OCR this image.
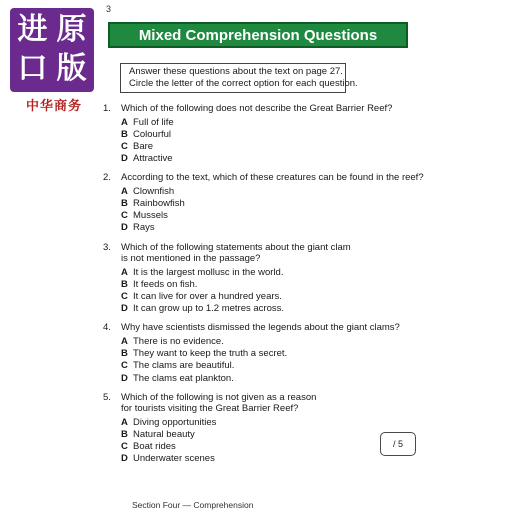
进 原
口 版
中华商务
3
Mixed Comprehension Questions
Answer these questions about the text on page 27.
Circle the letter of the correct option for each question.
1.	Which of the following does not describe the Great Barrier Reef?
A Full of life
B Colourful
C Bare
D Attractive
2.	According to the text, which of these creatures can be found in the reef?
A Clownfish
B Rainbowfish
C Mussels
D Rays
3.	Which of the following statements about the giant clam
is not mentioned in the passage?
A It is the largest mollusc in the world.
B It feeds on fish.
C It can live for over a hundred years.
D It can grow up to 1.2 metres across.
4.	Why have scientists dismissed the legends about the giant clams?
A There is no evidence.
B They want to keep the truth a secret.
C The clams are beautiful.
D The clams eat plankton.
5.	Which of the following is not given as a reason
for tourists visiting the Great Barrier Reef?
A Diving opportunities
B Natural beauty
C Boat rides
D Underwater scenes
/ 5
Section Four — Comprehension
